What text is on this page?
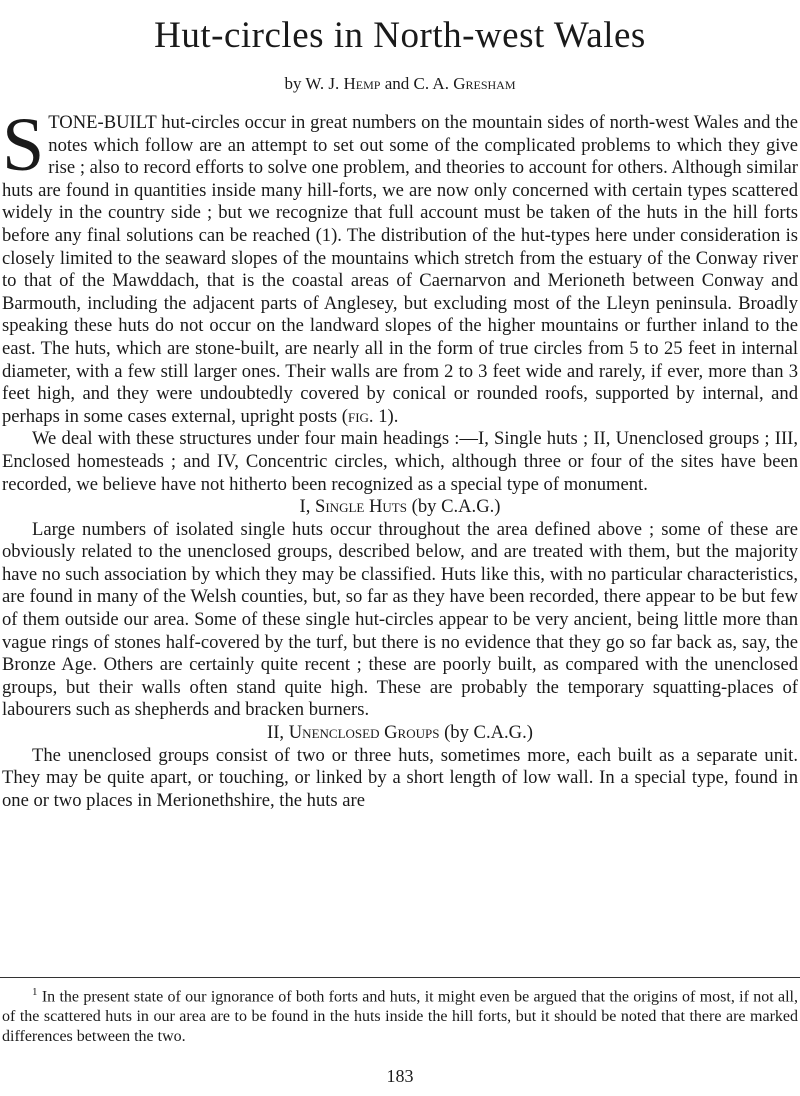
Hut-circles in North-west Wales

by W. J. Hemp and C. A. Gresham

STONE-BUILT hut-circles occur in great numbers on the mountain sides of north-west Wales and the notes which follow are an attempt to set out some of the complicated problems to which they give rise ; also to record efforts to solve one problem, and theories to account for others. Although similar huts are found in quantities inside many hill-forts, we are now only concerned with certain types scattered widely in the country side ; but we recognize that full account must be taken of the huts in the hill forts before any final solutions can be reached (1). The distribution of the hut-types here under consideration is closely limited to the seaward slopes of the mountains which stretch from the estuary of the Conway river to that of the Mawddach, that is the coastal areas of Caernarvon and Merioneth between Conway and Barmouth, including the adjacent parts of Anglesey, but excluding most of the Lleyn peninsula. Broadly speaking these huts do not occur on the landward slopes of the higher mountains or further inland to the east. The huts, which are stone-built, are nearly all in the form of true circles from 5 to 25 feet in internal diameter, with a few still larger ones. Their walls are from 2 to 3 feet wide and rarely, if ever, more than 3 feet high, and they were undoubtedly covered by conical or rounded roofs, supported by internal, and perhaps in some cases external, upright posts (fig. 1).

We deal with these structures under four main headings :—I, Single huts ; II, Unenclosed groups ; III, Enclosed homesteads ; and IV, Concentric circles, which, although three or four of the sites have been recorded, we believe have not hitherto been recognized as a special type of monument.

I, Single Huts (by C.A.G.)

Large numbers of isolated single huts occur throughout the area defined above ; some of these are obviously related to the unenclosed groups, described below, and are treated with them, but the majority have no such association by which they may be classified. Huts like this, with no particular characteristics, are found in many of the Welsh counties, but, so far as they have been recorded, there appear to be but few of them outside our area. Some of these single hut-circles appear to be very ancient, being little more than vague rings of stones half-covered by the turf, but there is no evidence that they go so far back as, say, the Bronze Age. Others are certainly quite recent ; these are poorly built, as compared with the unenclosed groups, but their walls often stand quite high. These are probably the temporary squatting-places of labourers such as shepherds and bracken burners.

II, Unenclosed Groups (by C.A.G.)

The unenclosed groups consist of two or three huts, sometimes more, each built as a separate unit. They may be quite apart, or touching, or linked by a short length of low wall. In a special type, found in one or two places in Merionethshire, the huts are

$^1$ In the present state of our ignorance of both forts and huts, it might even be argued that the origins of most, if not all, of the scattered huts in our area are to be found in the huts inside the hill forts, but it should be noted that there are marked differences between the two.

183
